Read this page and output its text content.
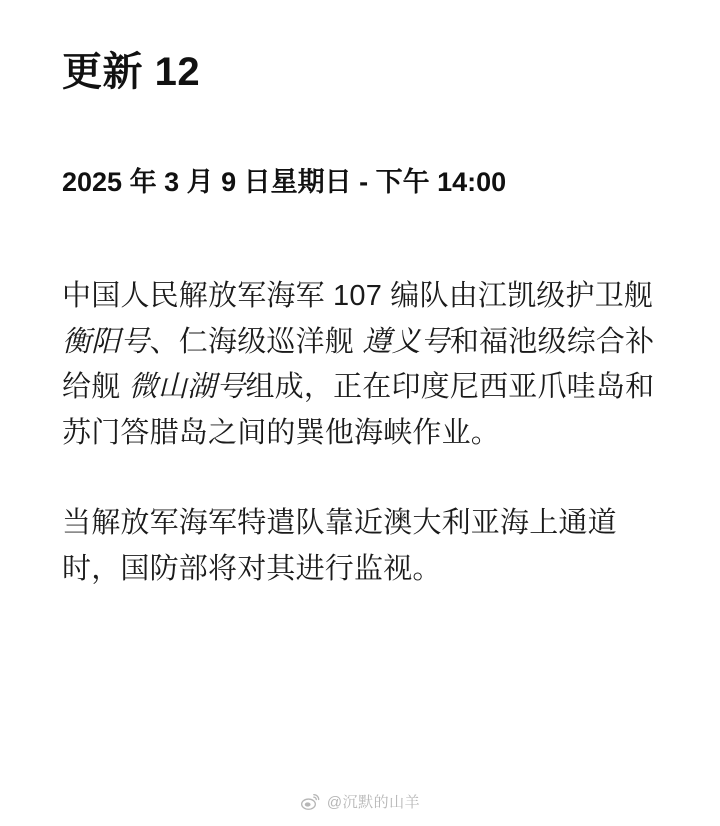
更新 12
2025 年 3 月 9 日星期日 - 下午 14:00

中国人民解放军海军 107 编队由江凯级护卫舰 衡阳号、仁海级巡洋舰 遵义号和福池级综合补给舰 微山湖号组成，正在印度尼西亚爪哇岛和苏门答腊岛之间的巽他海峡作业。

当解放军海军特遣队靠近澳大利亚海上通道时，国防部将对其进行监视。

@沉默的山羊
